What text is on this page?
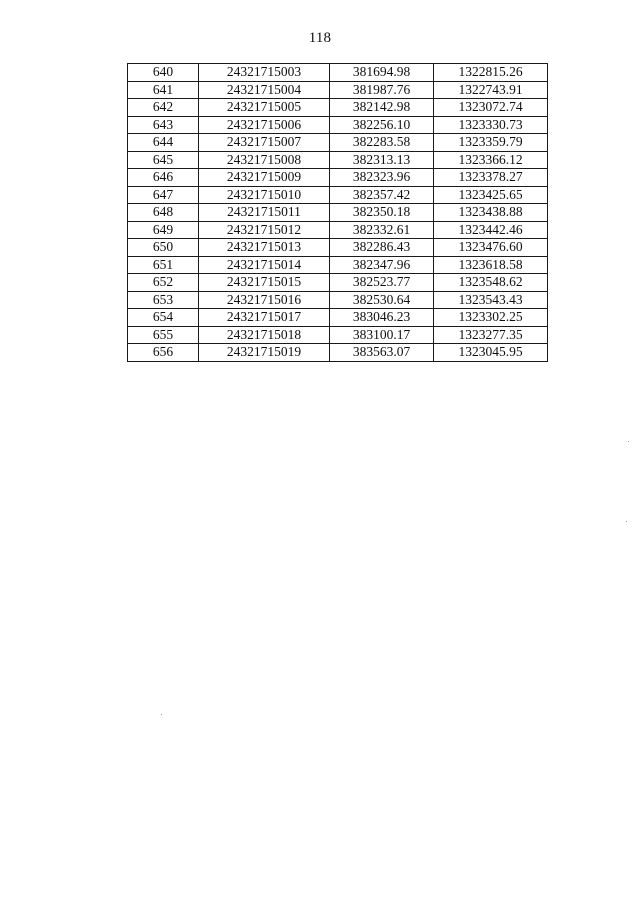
118
640	24321715003	381694.98	1322815.26
641	24321715004	381987.76	1322743.91
642	24321715005	382142.98	1323072.74
643	24321715006	382256.10	1323330.73
644	24321715007	382283.58	1323359.79
645	24321715008	382313.13	1323366.12
646	24321715009	382323.96	1323378.27
647	24321715010	382357.42	1323425.65
648	24321715011	382350.18	1323438.88
649	24321715012	382332.61	1323442.46
650	24321715013	382286.43	1323476.60
651	24321715014	382347.96	1323618.58
652	24321715015	382523.77	1323548.62
653	24321715016	382530.64	1323543.43
654	24321715017	383046.23	1323302.25
655	24321715018	383100.17	1323277.35
656	24321715019	383563.07	1323045.95
